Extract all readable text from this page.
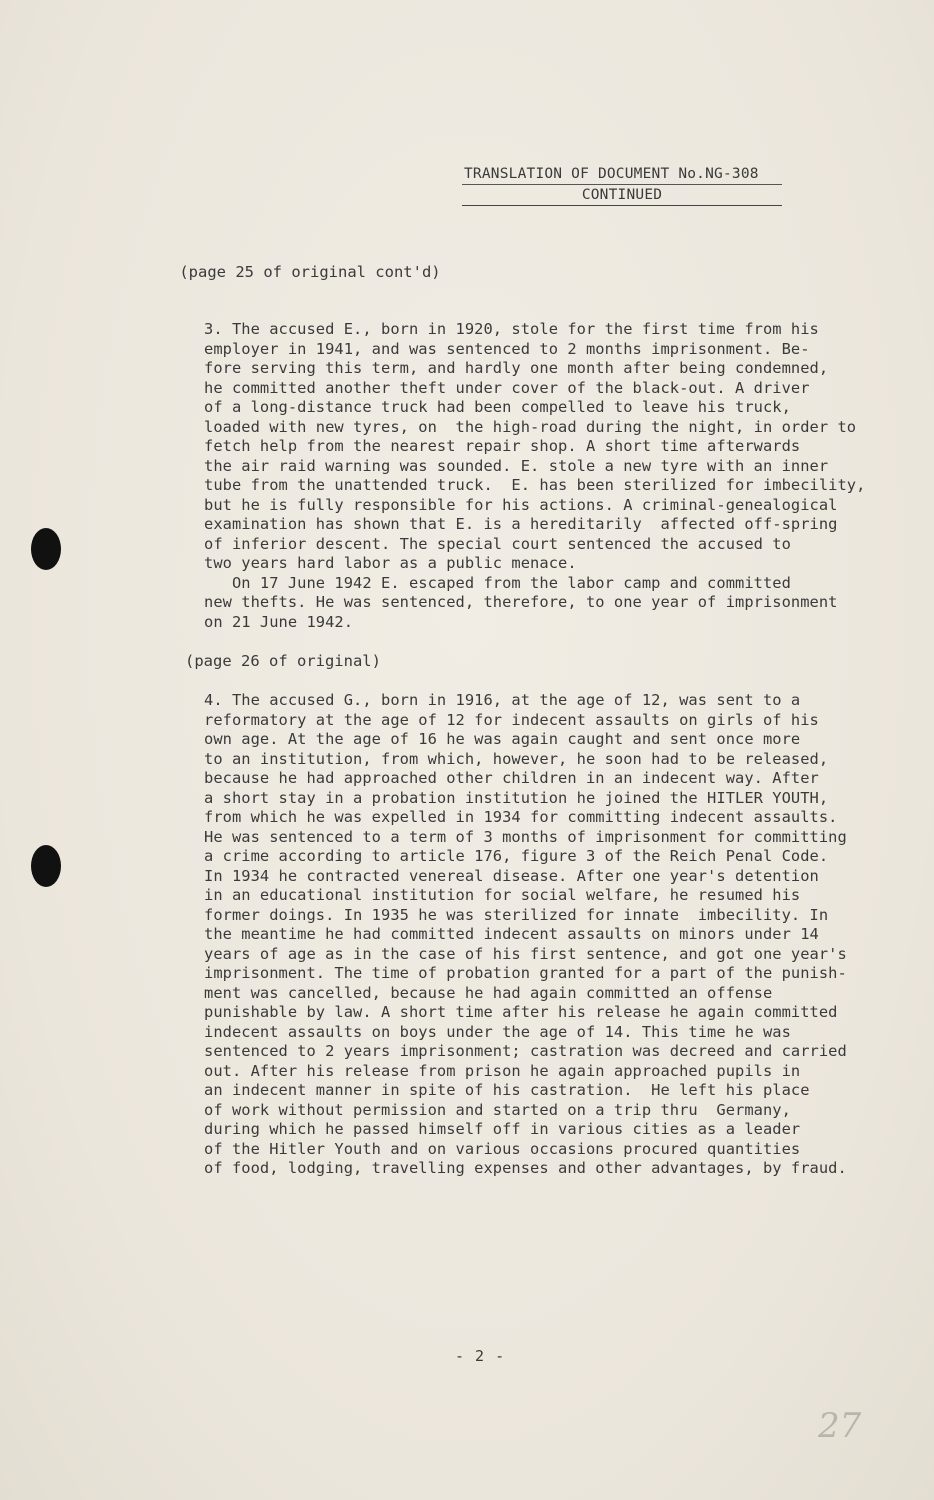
TRANSLATION OF DOCUMENT No.NG-308
CONTINUED
(page 25 of original cont'd)
3. The accused E., born in 1920, stole for the first time from his
employer in 1941, and was sentenced to 2 months imprisonment. Be-
fore serving this term, and hardly one month after being condemned,
he committed another theft under cover of the black-out. A driver
of a long-distance truck had been compelled to leave his truck,
loaded with new tyres, on  the high-road during the night, in order to
fetch help from the nearest repair shop. A short time afterwards
the air raid warning was sounded. E. stole a new tyre with an inner
tube from the unattended truck.  E. has been sterilized for imbecility,
but he is fully responsible for his actions. A criminal-genealogical
examination has shown that E. is a hereditarily  affected off-spring
of inferior descent. The special court sentenced the accused to
two years hard labor as a public menace.
On 17 June 1942 E. escaped from the labor camp and committed
new thefts. He was sentenced, therefore, to one year of imprisonment
on 21 June 1942.
(page 26 of original)
4. The accused G., born in 1916, at the age of 12, was sent to a
reformatory at the age of 12 for indecent assaults on girls of his
own age. At the age of 16 he was again caught and sent once more
to an institution, from which, however, he soon had to be released,
because he had approached other children in an indecent way. After
a short stay in a probation institution he joined the HITLER YOUTH,
from which he was expelled in 1934 for committing indecent assaults.
He was sentenced to a term of 3 months of imprisonment for committing
a crime according to article 176, figure 3 of the Reich Penal Code.
In 1934 he contracted venereal disease. After one year's detention
in an educational institution for social welfare, he resumed his
former doings. In 1935 he was sterilized for innate  imbecility. In
the meantime he had committed indecent assaults on minors under 14
years of age as in the case of his first sentence, and got one year's
imprisonment. The time of probation granted for a part of the punish-
ment was cancelled, because he had again committed an offense
punishable by law. A short time after his release he again committed
indecent assaults on boys under the age of 14. This time he was
sentenced to 2 years imprisonment; castration was decreed and carried
out. After his release from prison he again approached pupils in
an indecent manner in spite of his castration.  He left his place
of work without permission and started on a trip thru  Germany,
during which he passed himself off in various cities as a leader
of the Hitler Youth and on various occasions procured quantities
of food, lodging, travelling expenses and other advantages, by fraud.
- 2 -
27
